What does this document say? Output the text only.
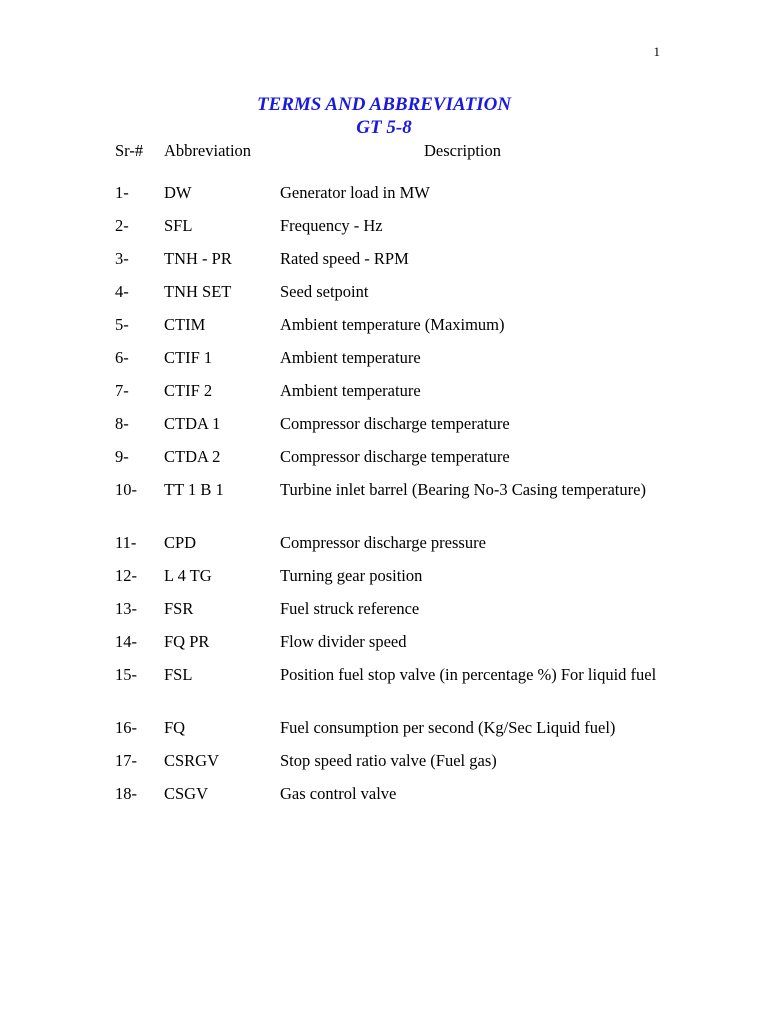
1
TERMS AND ABBREVIATION
GT 5-8
Sr-# Abbreviation	Description
1- DW	Generator load in MW
2- SFL	Frequency - Hz
3- TNH - PR	Rated speed - RPM
4- TNH SET	Seed setpoint
5- CTIM	Ambient temperature (Maximum)
6- CTIF 1	Ambient temperature
7- CTIF 2	Ambient temperature
8- CTDA 1	Compressor discharge temperature
9- CTDA 2	Compressor discharge temperature
10- TT 1 B 1	Turbine inlet barrel (Bearing No-3 Casing temperature)
11- CPD	Compressor discharge pressure
12- L 4 TG	Turning gear position
13- FSR	Fuel struck reference
14- FQ PR	Flow divider speed
15- FSL	Position fuel stop valve (in percentage %) For liquid fuel
16- FQ	Fuel consumption per second (Kg/Sec Liquid fuel)
17- CSRGV	Stop speed ratio valve (Fuel gas)
18- CSGV	Gas control valve
